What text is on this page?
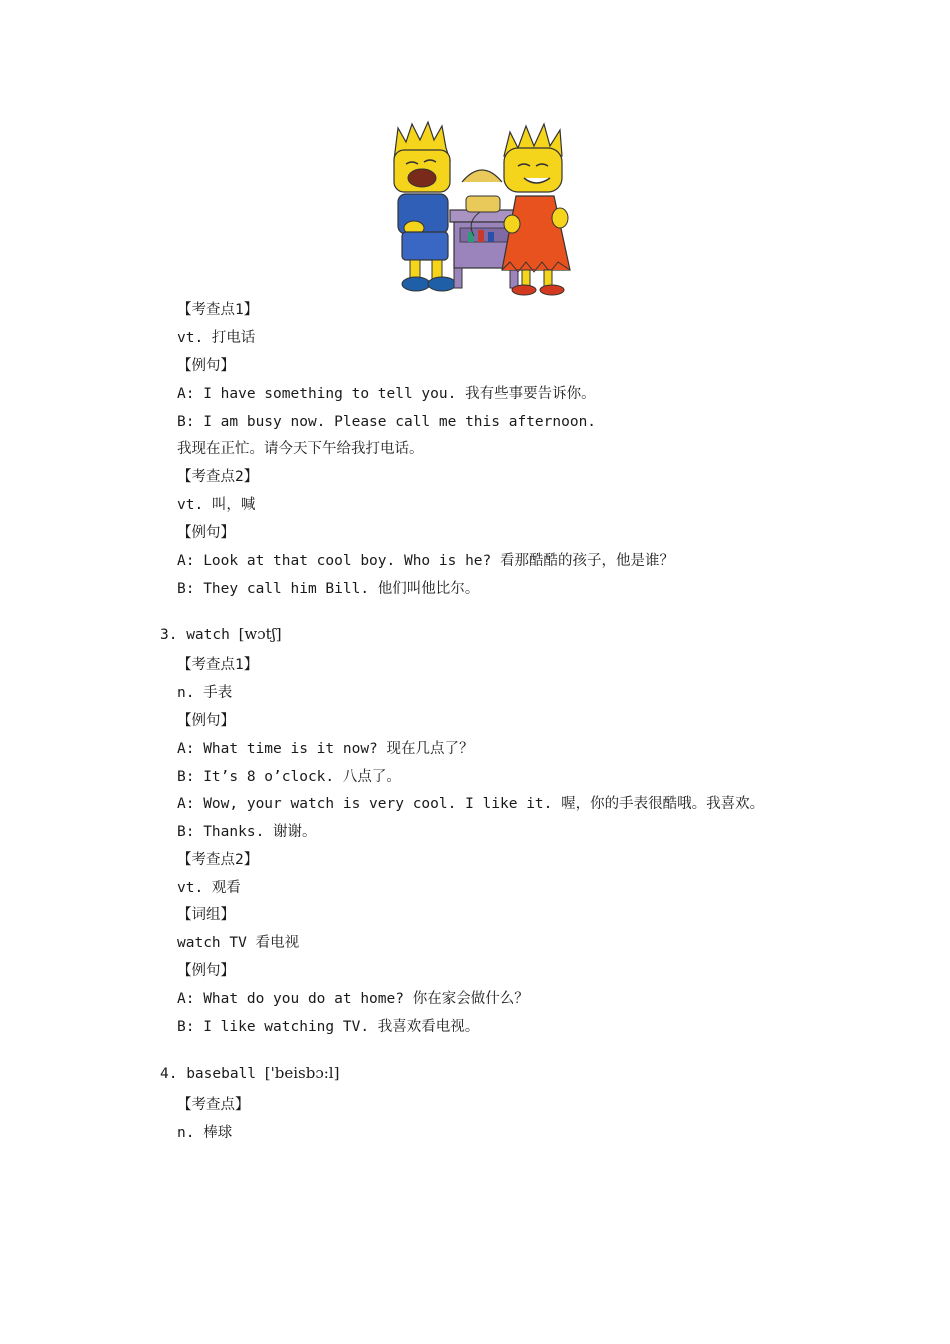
【考查点1】
vt. 打电话
【例句】
A: I have something to tell you. 我有些事要告诉你。
B: I am busy now. Please call me this afternoon.
我现在正忙。请今天下午给我打电话。
【考查点2】
vt. 叫，喊
【例句】
A: Look at that cool boy. Who is he? 看那酷酷的孩子，他是谁？
B: They call him Bill. 他们叫他比尔。
3. watch [wɔtʃ]
【考查点1】
n. 手表
【例句】
A: What time is it now? 现在几点了？
B: It’s 8 o’clock. 八点了。
A: Wow, your watch is very cool. I like it. 喔，你的手表很酷哦。我喜欢。
B: Thanks. 谢谢。
【考查点2】
vt. 观看
【词组】
watch TV 看电视
【例句】
A: What do you do at home? 你在家会做什么？
B: I like watching TV. 我喜欢看电视。
4. baseball ['beisbɔ:l]
【考查点】
n. 棒球
